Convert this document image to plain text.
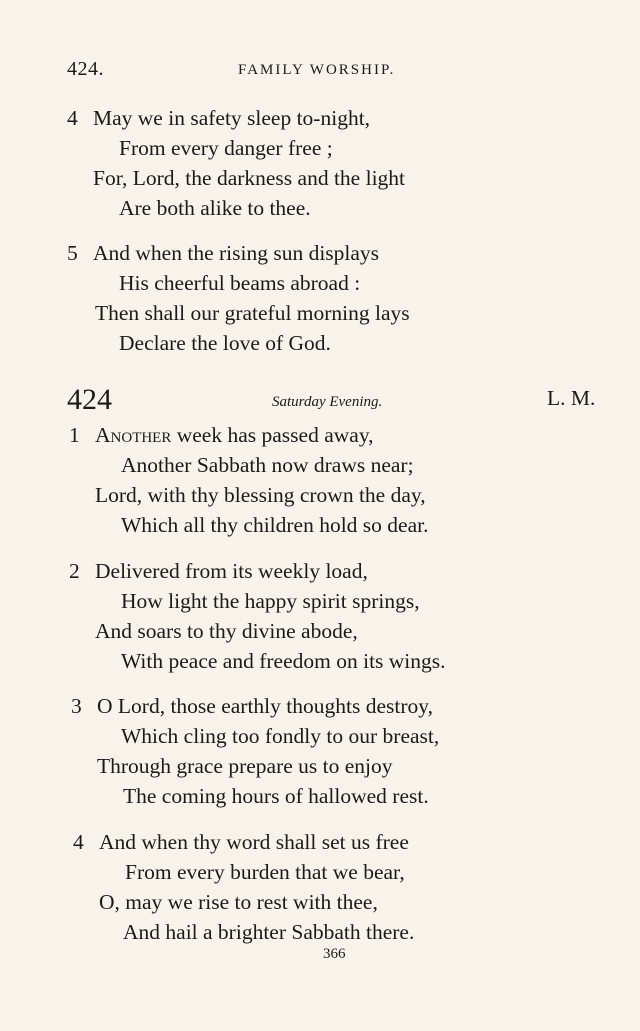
424.	FAMILY WORSHIP.
4 May we in safety sleep to-night,
From every danger free ;
For, Lord, the darkness and the light
Are both alike to thee.
5 And when the rising sun displays
His cheerful beams abroad :
Then shall our grateful morning lays
Declare the love of God.
424	Saturday Evening.	L. M.
1 Another week has passed away,
Another Sabbath now draws near;
Lord, with thy blessing crown the day,
Which all thy children hold so dear.
2 Delivered from its weekly load,
How light the happy spirit springs,
And soars to thy divine abode,
With peace and freedom on its wings.
3 O Lord, those earthly thoughts destroy,
Which cling too fondly to our breast,
Through grace prepare us to enjoy
The coming hours of hallowed rest.
4 And when thy word shall set us free
From every burden that we bear,
O, may we rise to rest with thee,
And hail a brighter Sabbath there.
366
